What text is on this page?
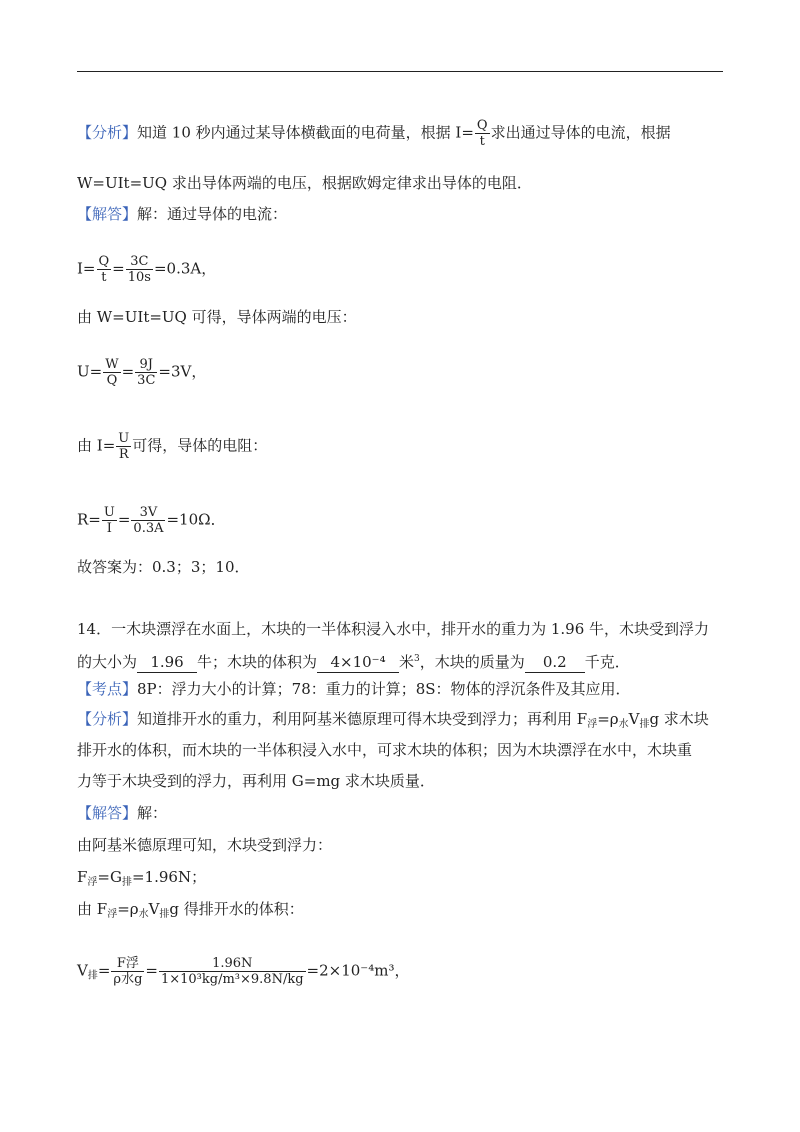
【分析】知道 10 秒内通过某导体横截面的电荷量，根据 $I= \frac{Q}{t}$ 求出通过导体的电流，根据
W=UIt=UQ 求出导体两端的电压，根据欧姆定律求出导体的电阻．
【解答】解：通过导体的电流：
$I= \frac{Q}{t} = \frac{3C}{10s} =0.3A$，
由 W=UIt=UQ 可得，导体两端的电压：
$U= \frac{W}{Q} = \frac{9J}{3C} =3V$，
由 $I= \frac{U}{R}$ 可得，导体的电阻：
$R= \frac{U}{I} = \frac{3V}{0.3A} =10\Omega$．
故答案为：0.3；3；10．
14．一木块漂浮在水面上，木块的一半体积浸入水中，排开水的重力为 1.96 牛，木块受到浮力
的大小为 1.96 牛；木块的体积为 4×10⁻⁴ 米$^3$，木块的质量为 0.2 千克．
【考点】8P：浮力大小的计算；78：重力的计算；8S：物体的浮沉条件及其应用．
【分析】知道排开水的重力，利用阿基米德原理可得木块受到浮力；再利用 $F_浮=\rho_水V_排g$ 求木块
排开水的体积，而木块的一半体积浸入水中，可求木块的体积；因为木块漂浮在水中，木块重
力等于木块受到的浮力，再利用 G=mg 求木块质量．
【解答】解：
由阿基米德原理可知，木块受到浮力：
$F_浮=G_排=1.96N$；
由 $F_浮=\rho_水V_排g$ 得排开水的体积：
$V_排= \frac{\text{F浮}}{\text{ρ水g}} = \frac{1.96N}{\text{1×10³kg/m³×9.8N/kg}} =2\times 10^{-4}m^3$，
